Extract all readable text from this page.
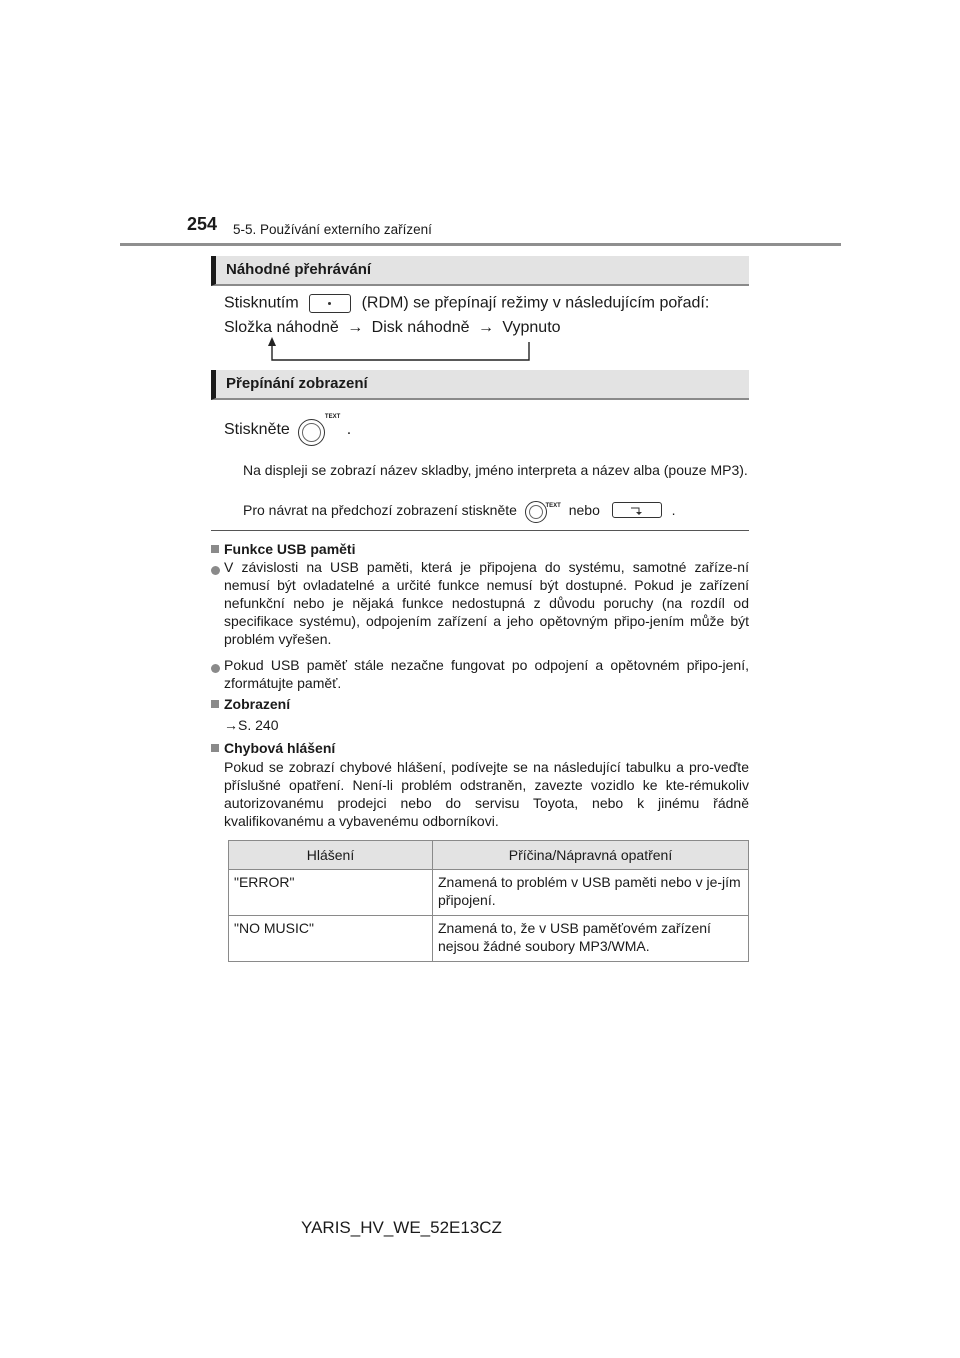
254 5-5. Používání externího zařízení
Náhodné přehrávání
Stisknutím	(RDM) se přepínají režimy v následujícím pořadí:
Složka náhodně → Disk náhodně → Vypnuto
Přepínání zobrazení
Stiskněte
TEXT
.
Na displeji se zobrazí název skladby, jméno interpreta a název alba (pouze MP3).
Pro návrat na předchozí zobrazení stiskněte	TEXT nebo	.
Funkce USB paměti
V závislosti na USB paměti, která je připojena do systému, samotné zaříze-ní nemusí být ovladatelné a určité funkce nemusí být dostupné. Pokud je zařízení nefunkční nebo je nějaká funkce nedostupná z důvodu poruchy (na rozdíl od specifikace systému), odpojením zařízení a jeho opětovným připo-jením může být problém vyřešen.
Pokud USB paměť stále nezačne fungovat po odpojení a opětovném připo-jení, zformátujte paměť.
Zobrazení
→S. 240
Chybová hlášení
Pokud se zobrazí chybové hlášení, podívejte se na následující tabulku a pro-veďte příslušné opatření. Není-li problém odstraněn, zavezte vozidlo ke kte-rémukoliv autorizovanému prodejci nebo do servisu Toyota, nebo k jinému řádně kvalifikovanému a vybavenému odborníkovi.
Hlášení	Příčina/Nápravná opatření
"ERROR"	Znamená to problém v USB paměti nebo v je-jím připojení.
"NO MUSIC"	Znamená to, že v USB paměťovém zařízení nejsou žádné soubory MP3/WMA.
YARIS_HV_WE_52E13CZ
